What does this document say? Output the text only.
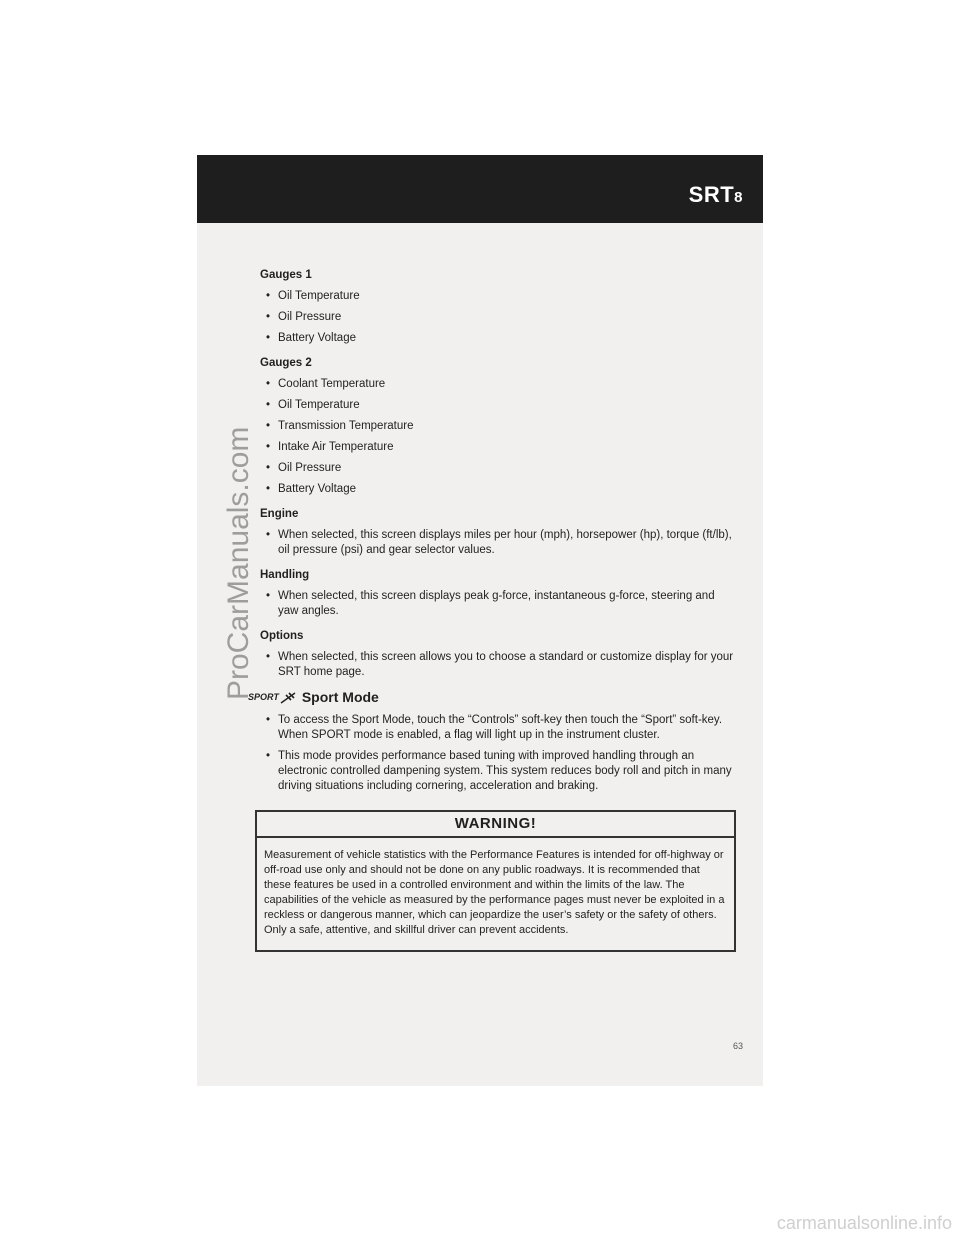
SRT8
Gauges 1
• Oil Temperature
• Oil Pressure
• Battery Voltage
Gauges 2
• Coolant Temperature
• Oil Temperature
• Transmission Temperature
• Intake Air Temperature
• Oil Pressure
• Battery Voltage
Engine
• When selected, this screen displays miles per hour (mph), horsepower (hp), torque (ft/lb), oil pressure (psi) and gear selector values.
Handling
• When selected, this screen displays peak g-force, instantaneous g-force, steering and yaw angles.
Options
• When selected, this screen allows you to choose a standard or customize display for your SRT home page.
SPORT Sport Mode
• To access the Sport Mode, touch the “Controls” soft-key then touch the “Sport” soft-key. When SPORT mode is enabled, a flag will light up in the instrument cluster.
• This mode provides performance based tuning with improved handling through an electronic controlled dampening system. This system reduces body roll and pitch in many driving situations including cornering, acceleration and braking.
WARNING!
Measurement of vehicle statistics with the Performance Features is intended for off-highway or off-road use only and should not be done on any public roadways. It is recommended that these features be used in a controlled environment and within the limits of the law. The capabilities of the vehicle as measured by the performance pages must never be exploited in a reckless or dangerous manner, which can jeopardize the user’s safety or the safety of others. Only a safe, attentive, and skillful driver can prevent accidents.
63
ProCarManuals.com
carmanualsonline.info
